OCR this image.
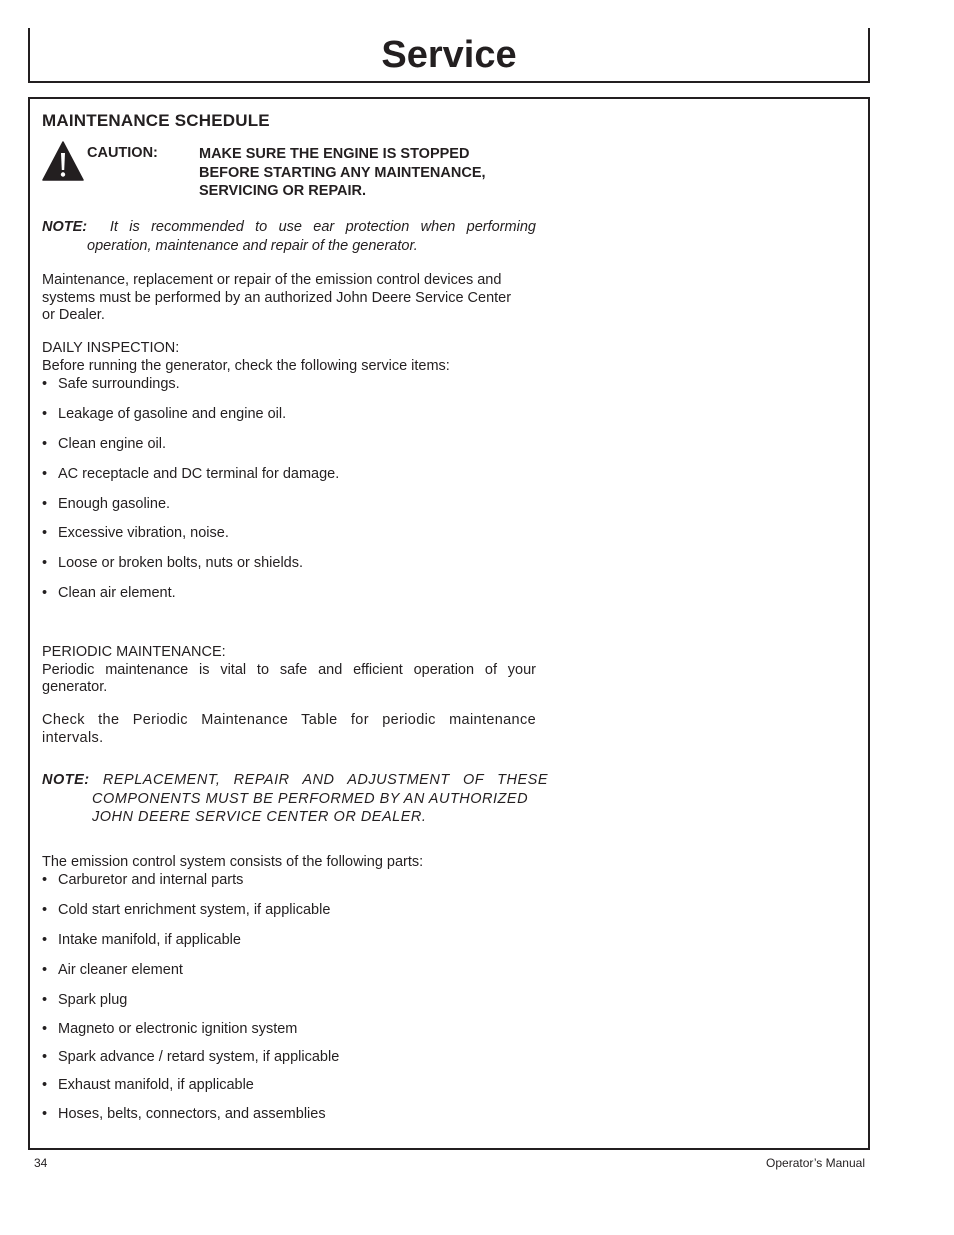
Service
MAINTENANCE SCHEDULE
CAUTION:	MAKE SURE THE ENGINE IS STOPPED
BEFORE STARTING ANY MAINTENANCE,
SERVICING OR REPAIR.
NOTE: It is recommended to use ear protection when performing
operation, maintenance and repair of the generator.
Maintenance, replacement or repair of the emission control devices and
systems must be performed by an authorized John Deere Service Center
or Dealer.
DAILY INSPECTION:
Before running the generator, check the following service items:
• Safe surroundings.
• Leakage of gasoline and engine oil.
• Clean engine oil.
• AC receptacle and DC terminal for damage.
• Enough gasoline.
• Excessive vibration, noise.
• Loose or broken bolts, nuts or shields.
• Clean air element.
PERIODIC MAINTENANCE:
Periodic maintenance is vital to safe and efficient operation of your
generator.
Check the Periodic Maintenance Table for periodic maintenance
intervals.
NOTE: REPLACEMENT, REPAIR AND ADJUSTMENT OF THESE
COMPONENTS MUST BE PERFORMED BY AN AUTHORIZED
JOHN DEERE SERVICE CENTER OR DEALER.
The emission control system consists of the following parts:
• Carburetor and internal parts
• Cold start enrichment system, if applicable
• Intake manifold, if applicable
• Air cleaner element
• Spark plug
• Magneto or electronic ignition system
• Spark advance / retard system, if applicable
• Exhaust manifold, if applicable
• Hoses, belts, connectors, and assemblies
34	Operator’s Manual
